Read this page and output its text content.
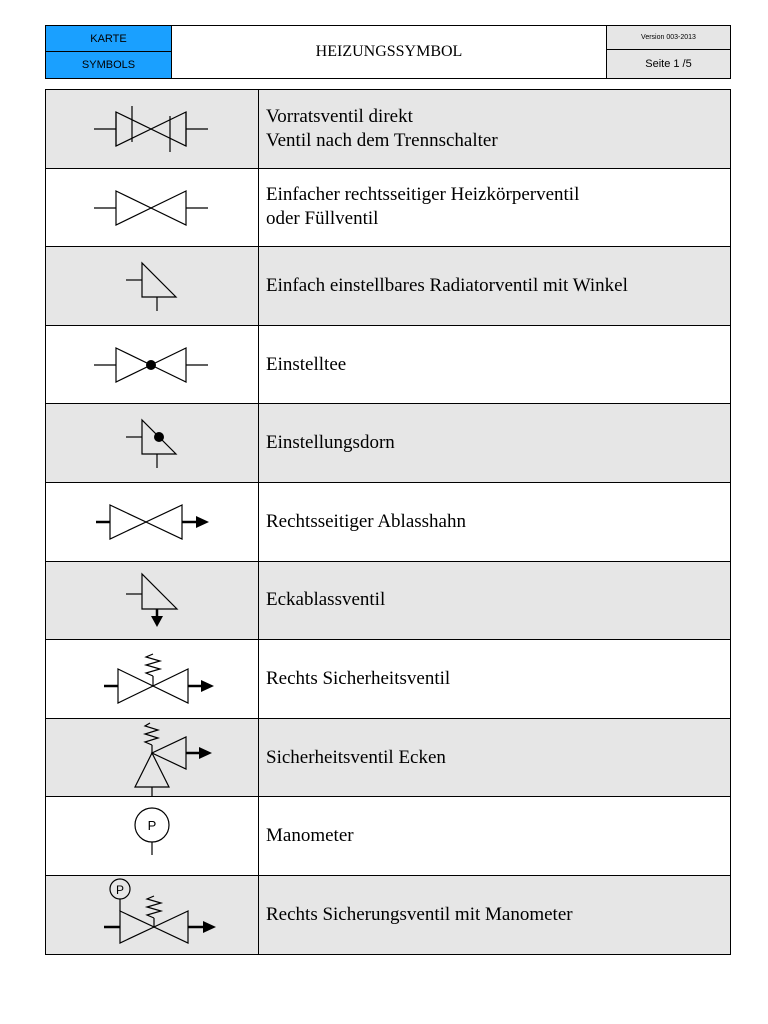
KARTE
SYMBOLS
HEIZUNGSSYMBOL
Version 003-2013
Seite 1 /5
Vorratsventil direkt
Ventil nach dem Trennschalter
Einfacher rechtsseitiger Heizkörperventil
oder Füllventil
Einfach einstellbares Radiatorventil mit Winkel
Einstelltee
Einstellungsdorn
Rechtsseitiger Ablasshahn
Eckablassventil
Rechts Sicherheitsventil
Sicherheitsventil Ecken
P	Manometer
P
Rechts Sicherungsventil mit Manometer
